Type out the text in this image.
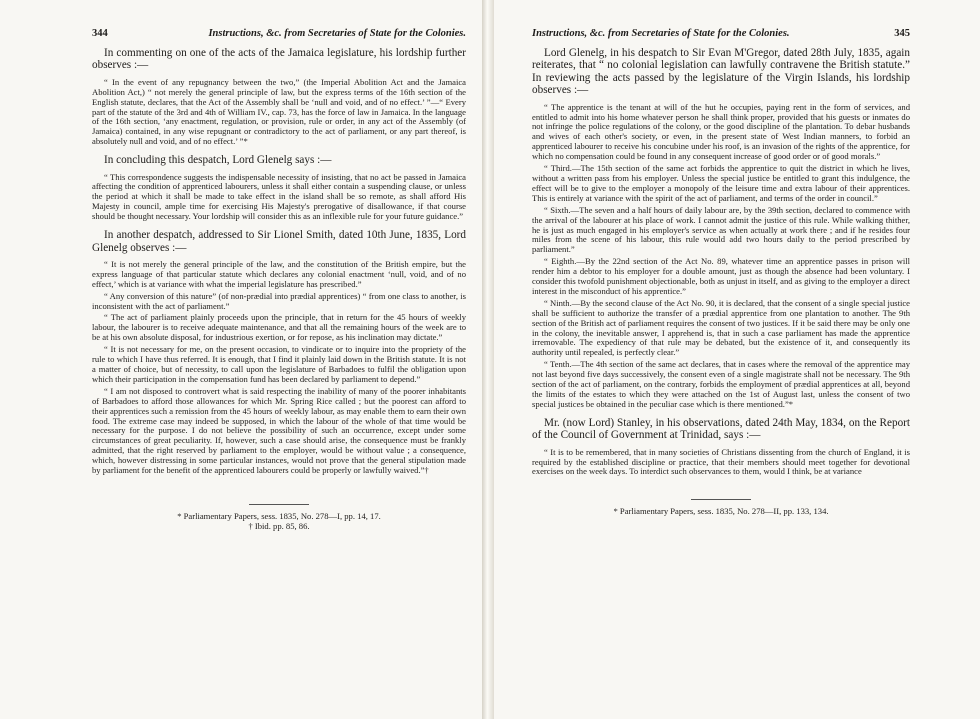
344	Instructions, &c. from Secretaries of State for the Colonies.

In commenting on one of the acts of the Jamaica legislature, his lordship further observes :—

“ In the event of any repugnancy between the two,” (the Imperial Abolition Act and the Jamaica Abolition Act,) “ not merely the general principle of law, but the express terms of the 16th section of the English statute, declares, that the Act of the Assembly shall be ‘null and void, and of no effect.’ ”—“ Every part of the statute of the 3rd and 4th of William IV., cap. 73, has the force of law in Jamaica. In the language of the 16th section, ‘any enactment, regulation, or provision, rule or order, in any act of the Assembly (of Jamaica) contained, in any wise repugnant or contradictory to the act of parliament, or any part thereof, is absolutely null and void, and of no effect.’ ”*

In concluding this despatch, Lord Glenelg says :—

“ This correspondence suggests the indispensable necessity of insisting, that no act be passed in Jamaica affecting the condition of apprenticed labourers, unless it shall either contain a suspending clause, or unless the period at which it shall be made to take effect in the island shall be so remote, as shall afford His Majesty in council, ample time for exercising His Majesty's prerogative of disallowance, if that course should be thought necessary. Your lordship will consider this as an inflexible rule for your future guidance.”

In another despatch, addressed to Sir Lionel Smith, dated 10th June, 1835, Lord Glenelg observes :—

“ It is not merely the general principle of the law, and the constitution of the British empire, but the express language of that particular statute which declares any colonial enactment ‘null, void, and of no effect,’ which is at variance with what the imperial legislature has prescribed.”

“ Any conversion of this nature” (of non-prædial into prædial apprentices) “ from one class to another, is inconsistent with the act of parliament.”

“ The act of parliament plainly proceeds upon the principle, that in return for the 45 hours of weekly labour, the labourer is to receive adequate maintenance, and that all the remaining hours of the week are to be at his own absolute disposal, for industrious exertion, or for repose, as his inclination may dictate.”

“ It is not necessary for me, on the present occasion, to vindicate or to inquire into the propriety of the rule to which I have thus referred. It is enough, that I find it plainly laid down in the British statute. It is not a matter of choice, but of necessity, to call upon the legislature of Barbadoes to fulfil the obligation upon which their participation in the compensation fund has been declared by parliament to depend.”

“ I am not disposed to controvert what is said respecting the inability of many of the poorer inhabitants of Barbadoes to afford those allowances for which Mr. Spring Rice called ; but the poorest can afford to their apprentices such a remission from the 45 hours of weekly labour, as may enable them to earn their own food. The extreme case may indeed be supposed, in which the labour of the whole of that time would be necessary for the purpose. I do not believe the possibility of such an occurrence, except under some circumstances of great peculiarity. If, however, such a case should arise, the consequence must be frankly admitted, that the right reserved by parliament to the employer, would be without value ; a consequence, which, however distressing in some particular instances, would not prove that the general stipulation made by parliament for the benefit of the apprenticed labourers could be properly or lawfully waived.”†

* Parliamentary Papers, sess. 1835, No. 278—I, pp. 14, 17.
† Ibid. pp. 85, 86.
Instructions, &c. from Secretaries of State for the Colonies.	345

Lord Glenelg, in his despatch to Sir Evan M'Gregor, dated 28th July, 1835, again reiterates, that “ no colonial legislation can lawfully contravene the British statute.” In reviewing the acts passed by the legislature of the Virgin Islands, his lordship observes :—

“ The apprentice is the tenant at will of the hut he occupies, paying rent in the form of services, and entitled to admit into his home whatever person he shall think proper, provided that his guests or inmates do not infringe the police regulations of the colony, or the good discipline of the plantation. To debar husbands and wives of each other's society, or even, in the present state of West Indian manners, to forbid an apprenticed labourer to receive his concubine under his roof, is an invasion of the rights of the apprentice, for which no compensation could be found in any consequent increase of good order or of good morals.”

“ Third.—The 15th section of the same act forbids the apprentice to quit the district in which he lives, without a written pass from his employer. Unless the special justice be entitled to grant this indulgence, the effect will be to give to the employer a monopoly of the leisure time and extra labour of their apprentices. This is entirely at variance with the spirit of the act of parliament, and terms of the order in council.”

“ Sixth.—The seven and a half hours of daily labour are, by the 39th section, declared to commence with the arrival of the labourer at his place of work. I cannot admit the justice of this rule. While walking thither, he is just as much engaged in his employer's service as when actually at work there ; and if he resides four miles from the scene of his labour, this rule would add two hours daily to the period prescribed by parliament.”

“ Eighth.—By the 22nd section of the Act No. 89, whatever time an apprentice passes in prison will render him a debtor to his employer for a double amount, just as though the absence had been voluntary. I consider this twofold punishment objectionable, both as unjust in itself, and as giving to the employer a direct interest in the misconduct of his apprentice.”

“ Ninth.—By the second clause of the Act No. 90, it is declared, that the consent of a single special justice shall be sufficient to authorize the transfer of a prædial apprentice from one plantation to another. The 9th section of the British act of parliament requires the consent of two justices. If it be said there may be only one in the colony, the inevitable answer, I apprehend is, that in such a case parliament has made the apprentice irremovable. The expediency of that rule may be debated, but the existence of it, and consequently its authority until repealed, is perfectly clear.”

“ Tenth.—The 4th section of the same act declares, that in cases where the removal of the apprentice may not last beyond five days successively, the consent even of a single magistrate shall not be necessary. The 9th section of the act of parliament, on the contrary, forbids the employment of prædial apprentices at all, beyond the limits of the estates to which they were attached on the 1st of August last, unless the consent of two special justices be obtained in the peculiar case which is there mentioned.”*

Mr. (now Lord) Stanley, in his observations, dated 24th May, 1834, on the Report of the Council of Government at Trinidad, says :—

“ It is to be remembered, that in many societies of Christians dissenting from the church of England, it is required by the established discipline or practice, that their members should meet together for devotional exercises on the week days. To interdict such observances to them, would I think, be at variance

* Parliamentary Papers, sess. 1835, No. 278—II, pp. 133, 134.
